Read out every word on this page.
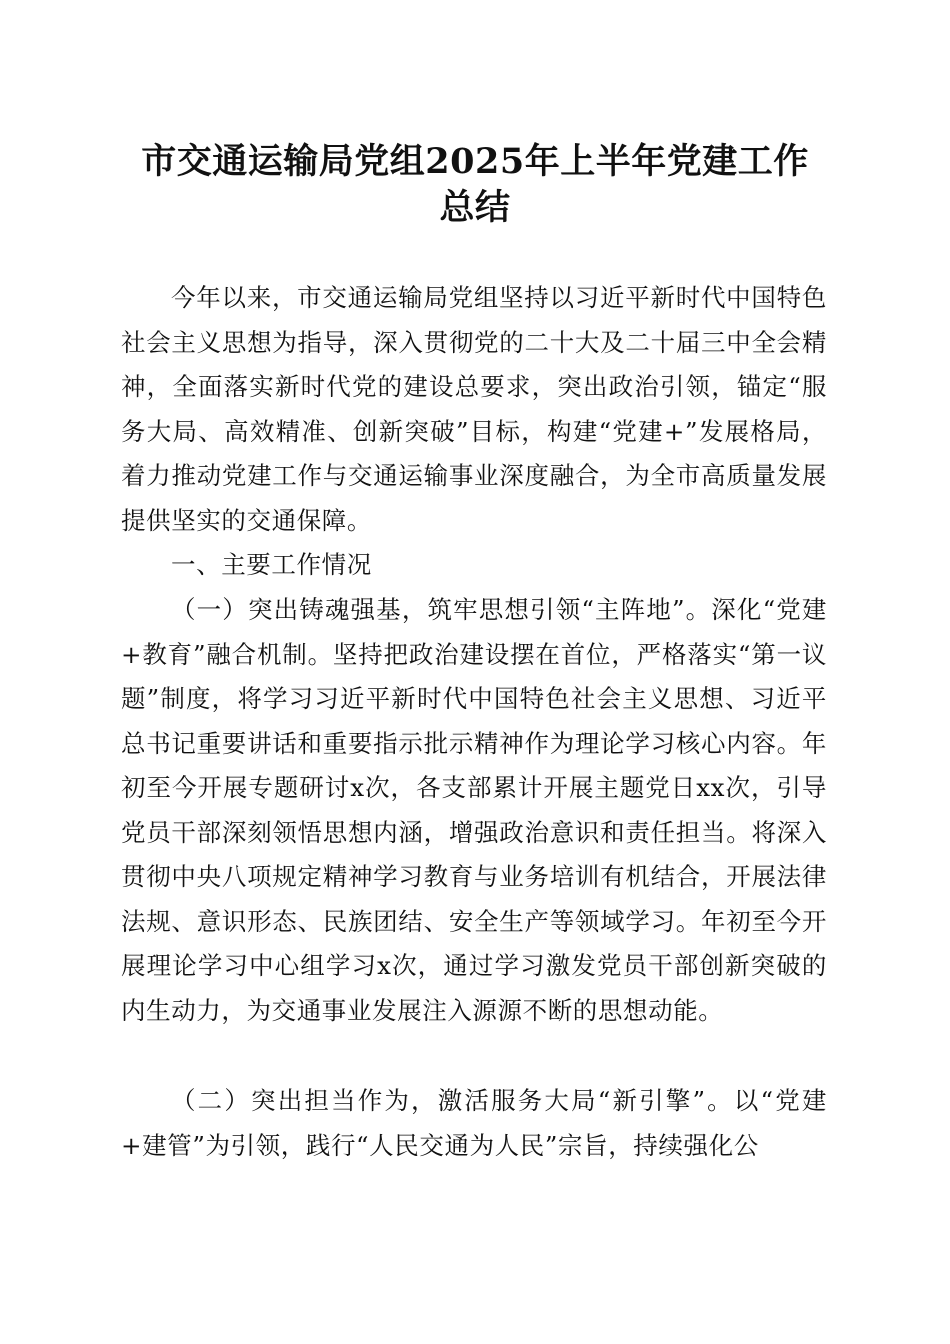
市交通运输局党组2025年上半年党建工作总结

今年以来，市交通运输局党组坚持以习近平新时代中国特色社会主义思想为指导，深入贯彻党的二十大及二十届三中全会精神，全面落实新时代党的建设总要求，突出政治引领，锚定“服务大局、高效精准、创新突破”目标，构建“党建+”发展格局，着力推动党建工作与交通运输事业深度融合，为全市高质量发展提供坚实的交通保障。

一、主要工作情况

（一）突出铸魂强基，筑牢思想引领“主阵地”。深化“党建+教育”融合机制。坚持把政治建设摆在首位，严格落实“第一议题”制度，将学习习近平新时代中国特色社会主义思想、习近平总书记重要讲话和重要指示批示精神作为理论学习核心内容。年初至今开展专题研讨x次，各支部累计开展主题党日xx次，引导党员干部深刻领悟思想内涵，增强政治意识和责任担当。将深入贯彻中央八项规定精神学习教育与业务培训有机结合，开展法律法规、意识形态、民族团结、安全生产等领域学习。年初至今开展理论学习中心组学习x次，通过学习激发党员干部创新突破的内生动力，为交通事业发展注入源源不断的思想动能。

（二）突出担当作为，激活服务大局“新引擎”。以“党建+建管”为引领，践行“人民交通为人民”宗旨，持续强化公
